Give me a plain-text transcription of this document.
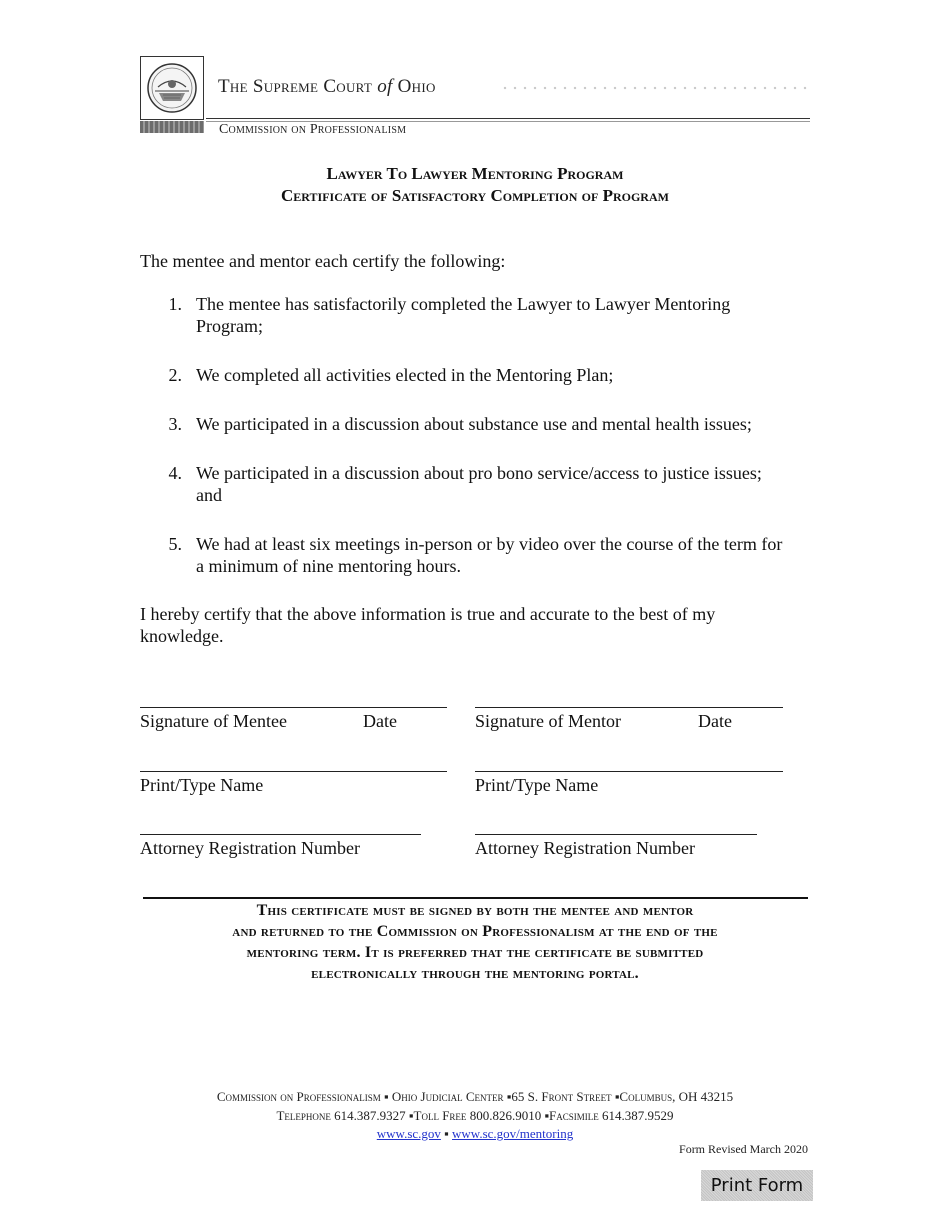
The Supreme Court of Ohio
Commission on Professionalism
Lawyer To Lawyer Mentoring Program
Certificate of Satisfactory Completion of Program
The mentee and mentor each certify the following:
1. The mentee has satisfactorily completed the Lawyer to Lawyer Mentoring
Program;
2. We completed all activities elected in the Mentoring Plan;
3. We participated in a discussion about substance use and mental health issues;
4. We participated in a discussion about pro bono service/access to justice issues;
and
5. We had at least six meetings in-person or by video over the course of the term for
a minimum of nine mentoring hours.
I hereby certify that the above information is true and accurate to the best of my
knowledge.
Signature of Mentee	Date
Print/Type Name
Attorney Registration Number
Signature of Mentor	Date
Print/Type Name
Attorney Registration Number
This certificate must be signed by both the mentee and mentor
and returned to the Commission on Professionalism at the end of the
mentoring term. It is preferred that the certificate be submitted
electronically through the mentoring portal.
Commission on Professionalism ▪ Ohio Judicial Center ▪65 S. Front Street ▪Columbus, OH 43215
Telephone 614.387.9327 ▪Toll Free 800.826.9010 ▪Facsimile 614.387.9529
www.sc.gov ▪ www.sc.gov/mentoring
Form Revised March 2020
Print Form
